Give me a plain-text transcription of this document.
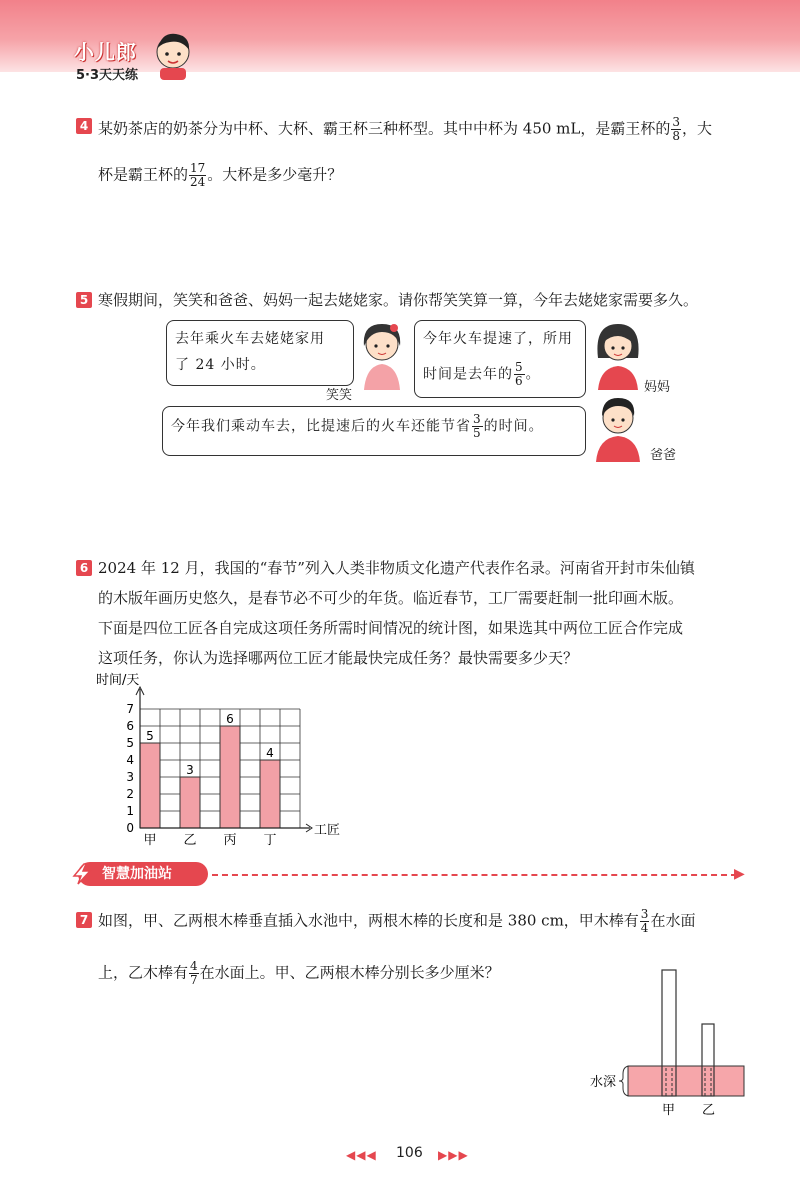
小儿郎
5·3天天练
4 某奶茶店的奶茶分为中杯、大杯、霸王杯三种杯型。其中中杯为 450 mL，是霸王杯的 $\frac{3}{8}$ ，大
杯是霸王杯的 $\frac{17}{24}$ 。大杯是多少毫升？
5 寒假期间，笑笑和爸爸、妈妈一起去姥姥家。请你帮笑笑算一算，今年去姥姥家需要多久。
去年乘火车去姥姥家用
了 24 小时。
笑笑
今年火车提速了，所用
时间是去年的 $\frac{5}{6}$ 。
妈妈
今年我们乘动车去，比提速后的火车还能节省 $\frac{3}{5}$ 的时间。
爸爸
6 2024 年 12 月，我国的“春节”列入人类非物质文化遗产代表作名录。河南省开封市朱仙镇
的木版年画历史悠久，是春节必不可少的年货。临近春节，工厂需要赶制一批印画木版。
下面是四位工匠各自完成这项任务所需时间情况的统计图，如果选其中两位工匠合作完成
这项任务，你认为选择哪两位工匠才能最快完成任务？最快需要多少天？
5
甲
3
乙
6
丙
4
丁
0
1
2
3
4
5
6
7
时间/天
工匠
智慧加油站	▶
7 如图，甲、乙两根木棒垂直插入水池中，两根木棒的长度和是 380 cm，甲木棒有 $\frac{3}{4}$ 在水面
上，乙木棒有 $\frac{4}{7}$ 在水面上。甲、乙两根木棒分别长多少厘米？
水深
甲 乙
◀◀◀ 106 ▶▶▶
